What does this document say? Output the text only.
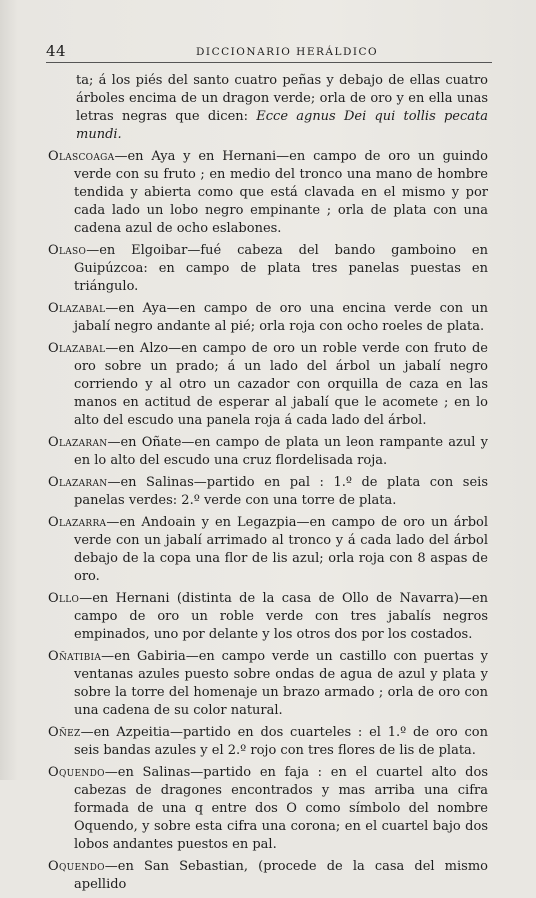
44	DICCIONARIO HERÁLDICO

ta; á los piés del santo cuatro peñas y debajo de ellas cuatro árboles encima de un dragon verde; orla de oro y en ella unas letras negras que dicen: Ecce agnus Dei qui tollis pecata mundi.

Olascoaga—en Aya y en Hernani—en campo de oro un guindo verde con su fruto ; en medio del tronco una mano de hombre tendida y abierta como que está clavada en el mismo y por cada lado un lobo negro empinante ; orla de plata con una cadena azul de ocho eslabones.

Olaso—en Elgoibar—fué cabeza del bando gamboino en Guipúzcoa: en campo de plata tres panelas puestas en triángulo.

Olazabal—en Aya—en campo de oro una encina verde con un jabalí negro andante al pié; orla roja con ocho roeles de plata.

Olazabal—en Alzo—en campo de oro un roble verde con fruto de oro sobre un prado; á un lado del árbol un jabalí negro corriendo y al otro un cazador con orquilla de caza en las manos en actitud de esperar al jabalí que le acomete ; en lo alto del escudo una panela roja á cada lado del árbol.

Olazaran—en Oñate—en campo de plata un leon rampante azul y en lo alto del escudo una cruz flordelisada roja.

Olazaran—en Salinas—partido en pal : 1.º de plata con seis panelas verdes: 2.º verde con una torre de plata.

Olazarra—en Andoain y en Legazpia—en campo de oro un árbol verde con un jabalí arrimado al tronco y á cada lado del árbol debajo de la copa una flor de lis azul; orla roja con 8 aspas de oro.

Ollo—en Hernani (distinta de la casa de Ollo de Navarra)—en campo de oro un roble verde con tres jabalís negros empinados, uno por delante y los otros dos por los costados.

Oñatibia—en Gabiria—en campo verde un castillo con puertas y ventanas azules puesto sobre ondas de agua de azul y plata y sobre la torre del homenaje un brazo armado ; orla de oro con una cadena de su color natural.

Oñez—en Azpeitia—partido en dos cuarteles : el 1.º de oro con seis bandas azules y el 2.º rojo con tres flores de lis de plata.

Oquendo—en Salinas—partido en faja : en el cuartel alto dos cabezas de dragones encontrados y mas arriba una cifra formada de una q entre dos O como símbolo del nombre Oquendo, y sobre esta cifra una corona; en el cuartel bajo dos lobos andantes puestos en pal.

Oquendo—en San Sebastian, (procede de la casa del mismo apellido
